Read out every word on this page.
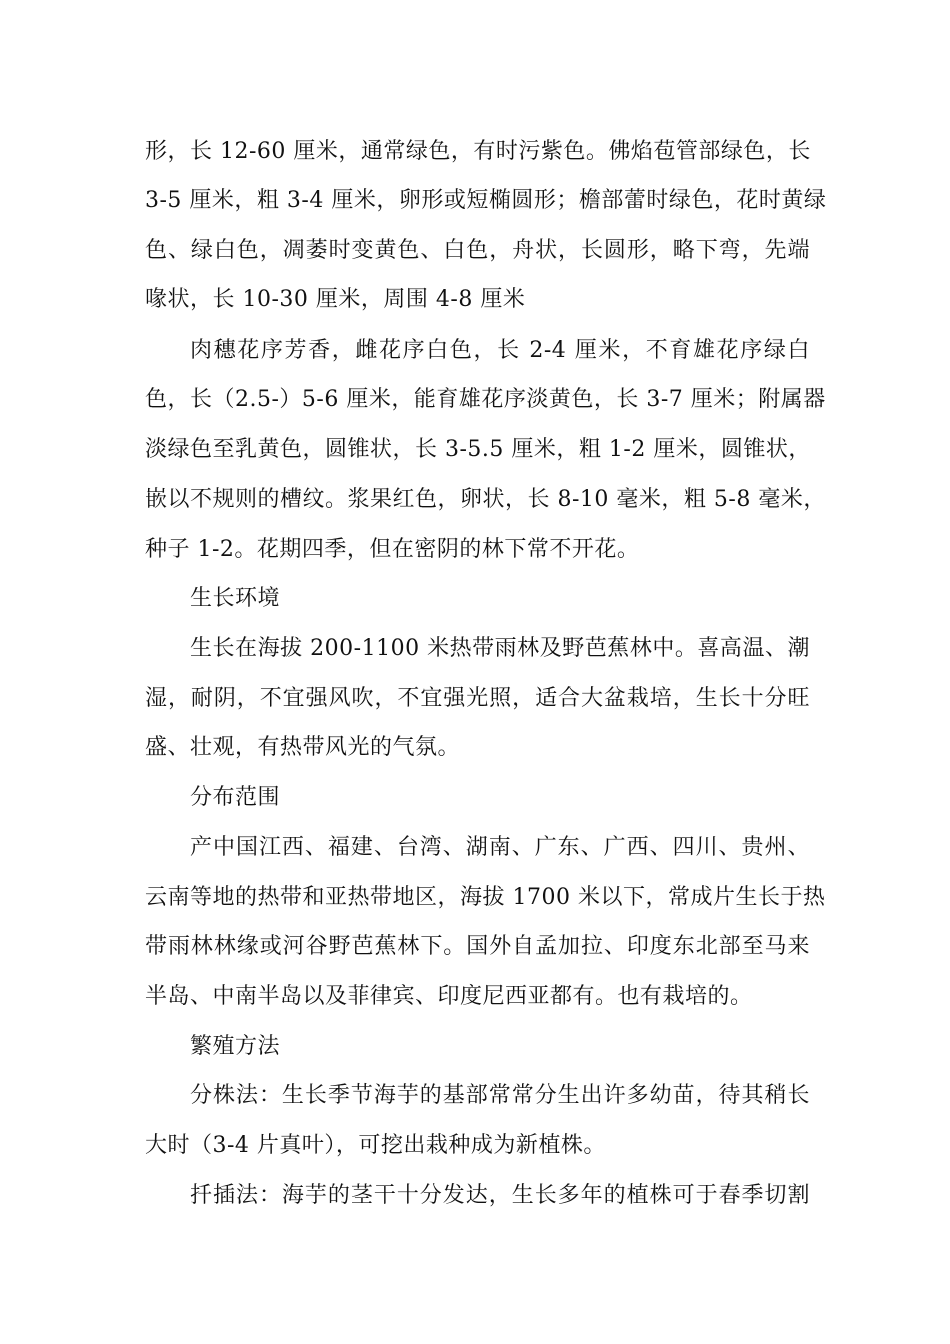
形，长 12-60 厘米，通常绿色，有时污紫色。佛焰苞管部绿色，长
3-5 厘米，粗 3-4 厘米，卵形或短椭圆形；檐部蕾时绿色，花时黄绿
色、绿白色，凋萎时变黄色、白色，舟状，长圆形，略下弯，先端
喙状，长 10-30 厘米，周围 4-8 厘米
肉穗花序芳香，雌花序白色，长 2-4 厘米，不育雄花序绿白
色，长（2.5-）5-6 厘米，能育雄花序淡黄色，长 3-7 厘米；附属器
淡绿色至乳黄色，圆锥状，长 3-5.5 厘米，粗 1-2 厘米，圆锥状，
嵌以不规则的槽纹。浆果红色，卵状，长 8-10 毫米，粗 5-8 毫米，
种子 1-2。花期四季，但在密阴的林下常不开花。
生长环境
生长在海拔 200-1100 米热带雨林及野芭蕉林中。喜高温、潮
湿，耐阴，不宜强风吹，不宜强光照，适合大盆栽培，生长十分旺
盛、壮观，有热带风光的气氛。
分布范围
产中国江西、福建、台湾、湖南、广东、广西、四川、贵州、
云南等地的热带和亚热带地区，海拔 1700 米以下，常成片生长于热
带雨林林缘或河谷野芭蕉林下。国外自孟加拉、印度东北部至马来
半岛、中南半岛以及菲律宾、印度尼西亚都有。也有栽培的。
繁殖方法
分株法：生长季节海芋的基部常常分生出许多幼苗，待其稍长
大时（3-4 片真叶），可挖出栽种成为新植株。
扦插法：海芋的茎干十分发达，生长多年的植株可于春季切割
